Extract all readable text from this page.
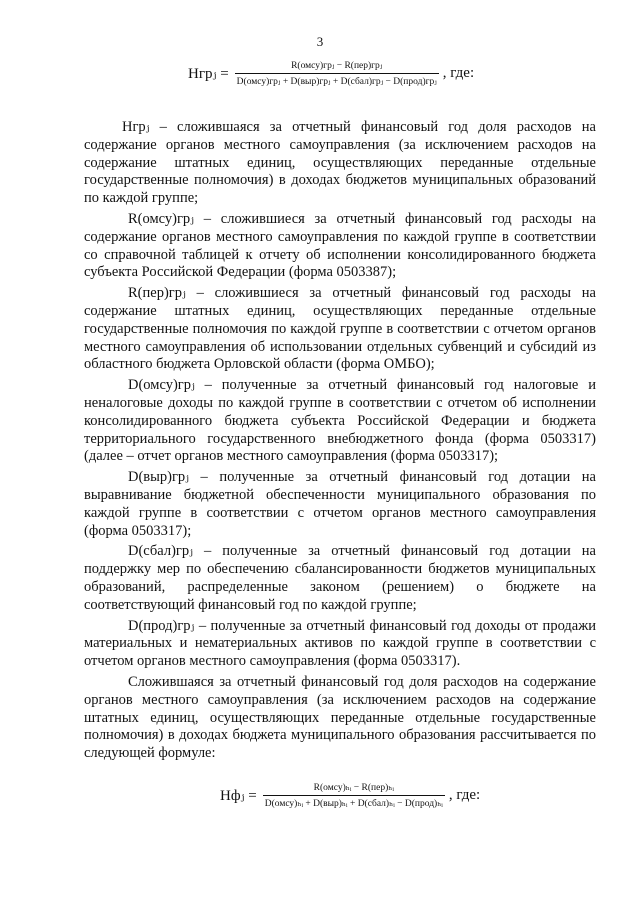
3
Нгрⱼ = $\frac{\text{R(омсу)грⱼ − R(пер)грⱼ}}{\text{D(омсу)грⱼ + D(выр)грⱼ + D(сбал)грⱼ − D(прод)грⱼ}}$ , где:

Нгрⱼ – сложившаяся за отчетный финансовый год доля расходов на содержание органов местного самоуправления (за исключением расходов на содержание штатных единиц, осуществляющих переданные отдельные государственные полномочия) в доходах бюджетов муниципальных образований по каждой группе;

R(омсу)грⱼ – сложившиеся за отчетный финансовый год расходы на содержание органов местного самоуправления по каждой группе в соответствии со справочной таблицей к отчету об исполнении консолидированного бюджета субъекта Российской Федерации (форма 0503387);

R(пер)грⱼ – сложившиеся за отчетный финансовый год расходы на содержание штатных единиц, осуществляющих переданные отдельные государственные полномочия по каждой группе в соответствии с отчетом органов местного самоуправления об использовании отдельных субвенций и субсидий из областного бюджета Орловской области (форма ОМБО);

D(омсу)грⱼ – полученные за отчетный финансовый год налоговые и неналоговые доходы по каждой группе в соответствии с отчетом об исполнении консолидированного бюджета субъекта Российской Федерации и бюджета территориального государственного внебюджетного фонда (форма 0503317) (далее – отчет органов местного самоуправления (форма 0503317);

D(выр)грⱼ – полученные за отчетный финансовый год дотации на выравнивание бюджетной обеспеченности муниципального образования по каждой группе в соответствии с отчетом органов местного самоуправления (форма 0503317);

D(сбал)грⱼ – полученные за отчетный финансовый год дотации на поддержку мер по обеспечению сбалансированности бюджетов муниципальных образований, распределенные законом (решением) о бюджете на соответствующий финансовый год по каждой группе;

D(прод)грⱼ – полученные за отчетный финансовый год доходы от продажи материальных и нематериальных активов по каждой группе в соответствии с отчетом органов местного самоуправления (форма 0503317).

Сложившаяся за отчетный финансовый год доля расходов на содержание органов местного самоуправления (за исключением расходов на содержание штатных единиц, осуществляющих переданные отдельные государственные полномочия) в доходах бюджета муниципального образования рассчитывается по следующей формуле:

Нфⱼ = $\frac{\text{R(омсу)ₕᵢ − R(пер)ₕᵢ}}{\text{D(омсу)ₕᵢ + D(выр)ₕᵢ + D(сбал)ₕᵢ − D(прод)ₕᵢ}}$ , где:
